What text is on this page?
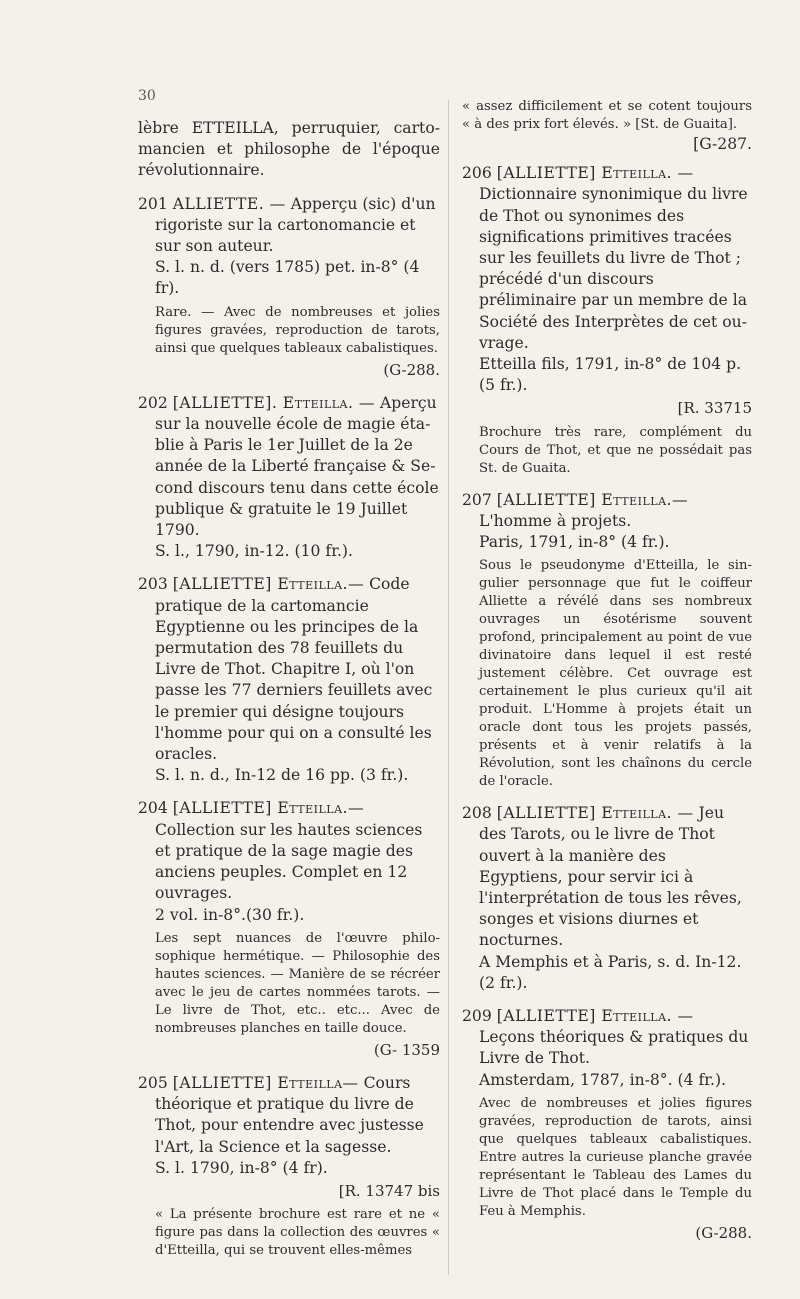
30
lèbre ETTEILLA, perruquier, cartomancien et philosophe de l'époque révolutionnaire.
201 ALLIETTE. — Apperçu (sic) d'un rigoriste sur la cartonomancie et sur son auteur.
S. l. n. d. (vers 1785) pet. in-8° (4 fr).
Rare. — Avec de nombreuses et jolies figures gravées, reproduction de tarots, ainsi que quelques tableaux cabalistiques.
(G-288.
202 [ALLIETTE]. Etteilla. — Aperçu sur la nouvelle école de magie établie à Paris le 1er Juillet de la 2e année de la Liberté française & Second discours tenu dans cette école publique & gratuite le 19 Juillet 1790.
S. l., 1790, in-12. (10 fr.).
203 [ALLIETTE] Etteilla.— Code pratique de la cartomancie Egyptienne ou les principes de la permutation des 78 feuillets du Livre de Thot. Chapitre I, où l'on passe les 77 derniers feuillets avec le premier qui désigne toujours l'homme pour qui on a consulté les oracles.
S. l. n. d., In-12 de 16 pp. (3 fr.).
204 [ALLIETTE] Etteilla.— Collection sur les hautes sciences et pratique de la sage magie des anciens peuples. Complet en 12 ouvrages.
2 vol. in-8°.(30 fr.).
Les sept nuances de l'œuvre philosophique hermétique. — Philosophie des hautes sciences. — Manière de se récréer avec le jeu de cartes nommées tarots. — Le livre de Thot, etc.. etc... Avec de nombreuses planches en taille douce.
(G- 1359
205 [ALLIETTE] Etteilla— Cours théorique et pratique du livre de Thot, pour entendre avec justesse l'Art, la Science et la sagesse.
S. l. 1790, in-8° (4 fr).
[R. 13747 bis
« La présente brochure est rare et ne « figure pas dans la collection des œuvres « d'Etteilla, qui se trouvent elles-mêmes
« assez difficilement et se cotent toujours « à des prix fort élevés. » [St. de Guaita].
[G-287.
206 [ALLIETTE] Etteilla. — Dictionnaire synonimique du livre de Thot ou synonimes des significations primitives tracées sur les feuillets du livre de Thot ; précédé d'un discours préliminaire par un membre de la Société des Interprètes de cet ouvrage.
Etteilla fils, 1791, in-8° de 104 p. (5 fr.).
[R. 33715
Brochure très rare, complément du Cours de Thot, et que ne possédait pas St. de Guaita.
207 [ALLIETTE] Etteilla.— L'homme à projets.
Paris, 1791, in-8° (4 fr.).
Sous le pseudonyme d'Etteilla, le singulier personnage que fut le coiffeur Alliette a révélé dans ses nombreux ouvrages un ésotérisme souvent profond, principalement au point de vue divinatoire dans lequel il est resté justement célèbre. Cet ouvrage est certainement le plus curieux qu'il ait produit. L'Homme à projets était un oracle dont tous les projets passés, présents et à venir relatifs à la Révolution, sont les chaînons du cercle de l'oracle.
208 [ALLIETTE] Etteilla. — Jeu des Tarots, ou le livre de Thot ouvert à la manière des Egyptiens, pour servir ici à l'interprétation de tous les rêves, songes et visions diurnes et nocturnes.
A Memphis et à Paris, s. d. In-12. (2 fr.).
209 [ALLIETTE] Etteilla. — Leçons théoriques & pratiques du Livre de Thot.
Amsterdam, 1787, in-8°. (4 fr.).
Avec de nombreuses et jolies figures gravées, reproduction de tarots, ainsi que quelques tableaux cabalistiques. Entre autres la curieuse planche gravée représentant le Tableau des Lames du Livre de Thot placé dans le Temple du Feu à Memphis.
(G-288.
